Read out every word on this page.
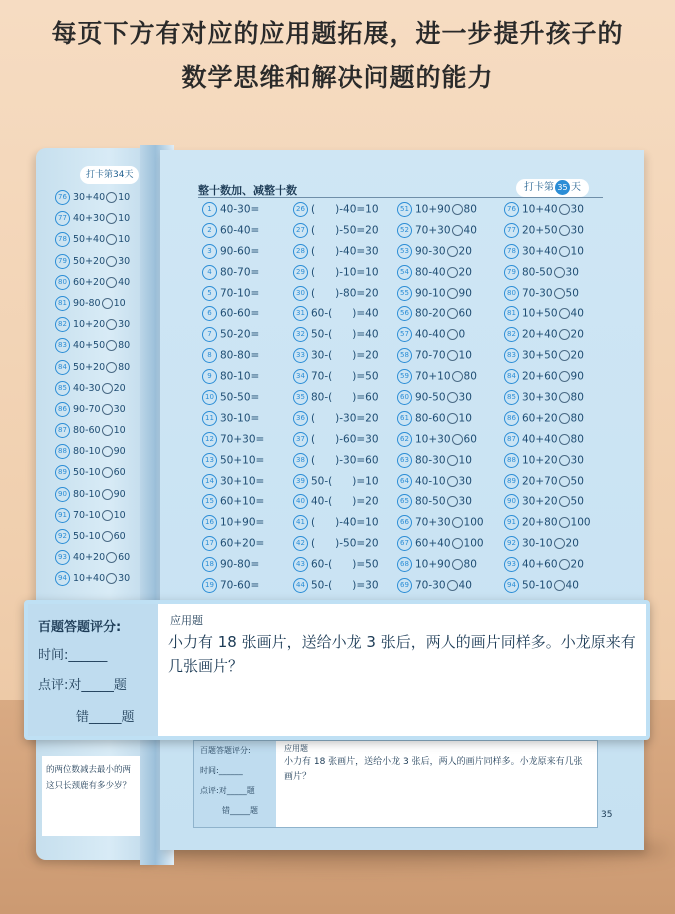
每页下方有对应的应用题拓展，进一步提升孩子的
数学思维和解决问题的能力
打卡第34天
76 30+40 10
77 40+30 10
78 50+40 10
79 50+20 30
80 60+20 40
81 90-80 10
82 10+20 30
83 40+50 80
84 50+20 80
85 40-30 20
86 90-70 30
87 80-60 10
88 80-10 90
89 50-10 60
90 80-10 90
91 70-10 10
92 50-10 60
93 40+20 60
94 10+40 30
的两位数减去最小的两这只长颈鹿有多少岁？
整十数加、减整十数	打卡第 35 天
1 40-30=
2 60-40=
3 90-60=
4 80-70=
5 70-10=
6 60-60=
7 50-20=
8 80-80=
9 80-10=
10 50-50=
11 30-10=
12 70+30=
13 50+10=
14 30+10=
15 60+10=
16 10+90=
17 60+20=
18 90-80=
19 70-60=
26 (      )-40=10
27 (      )-50=20
28 (      )-40=30
29 (      )-10=10
30 (      )-80=20
31 60-(      )=40
32 50-(      )=40
33 30-(      )=20
34 70-(      )=50
35 80-(      )=60
36 (      )-30=20
37 (      )-60=30
38 (      )-30=60
39 50-(      )=10
40 40-(      )=20
41 (      )-40=10
42 (      )-50=20
43 60-(      )=50
44 50-(      )=30
51 10+90 80
52 70+30 40
53 90-30 20
54 80-40 20
55 90-10 90
56 80-20 60
57 40-40 0
58 70-70 10
59 70+10 80
60 90-50 30
61 80-60 10
62 10+30 60
63 80-30 10
64 40-10 30
65 80-50 30
66 70+30 100
67 60+40 100
68 10+90 80
69 70-30 40
76 10+40 30
77 20+50 30
78 30+40 10
79 80-50 30
80 70-30 50
81 10+50 40
82 20+40 20
83 30+50 20
84 20+60 90
85 30+30 80
86 60+20 80
87 40+40 80
88 10+20 30
89 20+70 50
90 30+20 50
91 20+80 100
92 30-10 20
93 40+60 20
94 50-10 40
百题答题评分:
时间:______
点评:对_____题
错_____题
应用题
小力有 18 张画片，送给小龙 3 张后，两人的画片同样多。小龙原来有几张画片？
35
百题答题评分:
时间:______
点评:对_____题
错_____题
应用题
小力有 18 张画片，送给小龙 3 张后，两人的画片同样多。小龙原来有几张画片？
